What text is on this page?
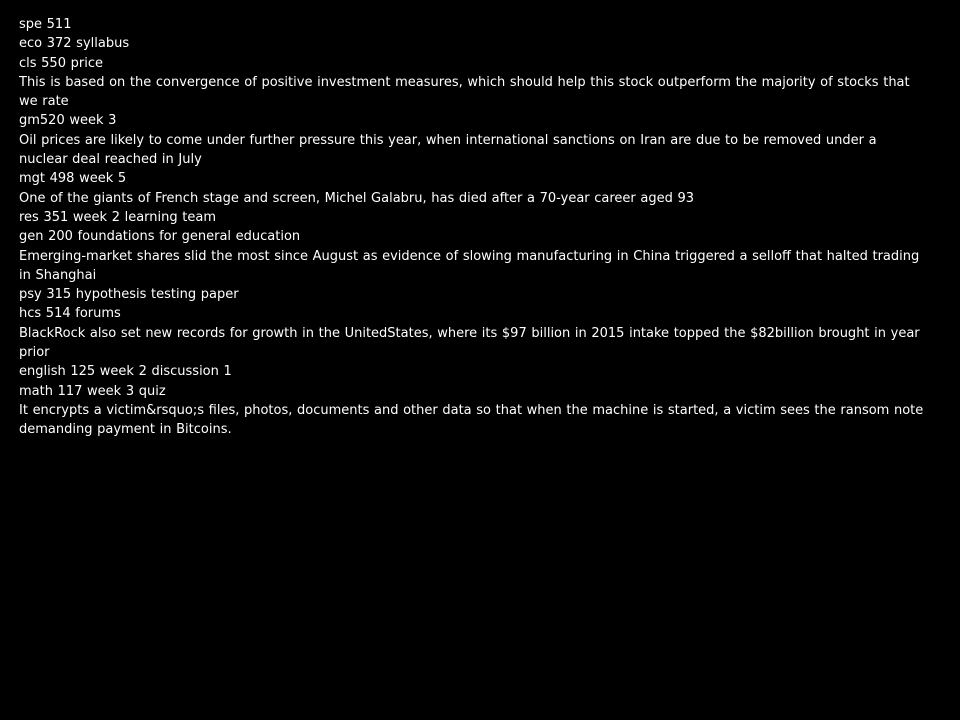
spe 511

eco 372 syllabus

cls 550 price

This is based on the convergence of positive investment measures, which should help this stock outperform the majority of stocks that we rate

gm520 week 3

Oil prices are likely to come under further pressure this year, when international sanctions on Iran are due to be removed under a nuclear deal reached in July

mgt 498 week 5

One of the giants of French stage and screen, Michel Galabru, has died after a 70-year career aged 93

res 351 week 2 learning team

gen 200 foundations for general education

Emerging-market shares slid the most since August as evidence of slowing manufacturing in China triggered a selloff that halted trading in Shanghai

psy 315 hypothesis testing paper

hcs 514 forums

BlackRock also set new records for growth in the UnitedStates, where its $97 billion in 2015 intake topped the $82billion brought in year prior

english 125 week 2 discussion 1

math 117 week 3 quiz

It encrypts a victim&rsquo;s files, photos, documents and other data so that when the machine is started, a victim sees the ransom note demanding payment in Bitcoins.
